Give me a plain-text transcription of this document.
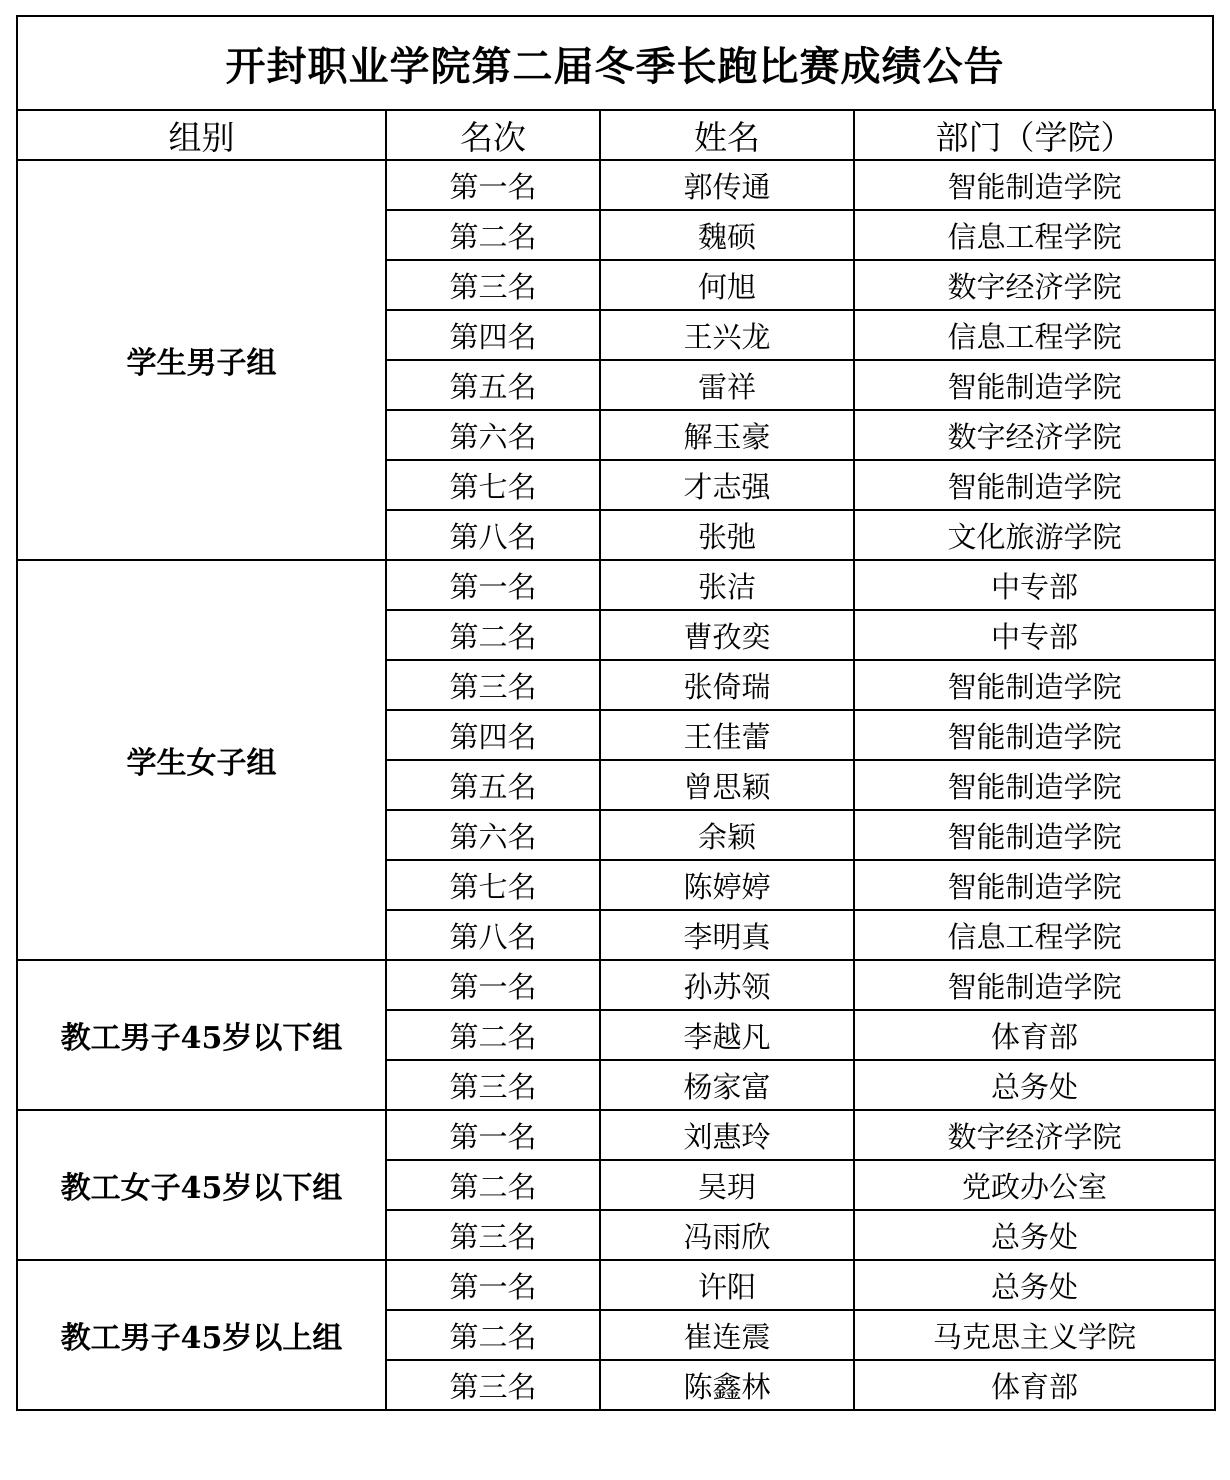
开封职业学院第二届冬季长跑比赛成绩公告
组别	名次	姓名	部门（学院）
学生男子组	第一名	郭传通	智能制造学院
	第二名	魏硕	信息工程学院
	第三名	何旭	数字经济学院
	第四名	王兴龙	信息工程学院
	第五名	雷祥	智能制造学院
	第六名	解玉豪	数字经济学院
	第七名	才志强	智能制造学院
	第八名	张弛	文化旅游学院
学生女子组	第一名	张洁	中专部
	第二名	曹孜奕	中专部
	第三名	张倚瑞	智能制造学院
	第四名	王佳蕾	智能制造学院
	第五名	曾思颖	智能制造学院
	第六名	余颖	智能制造学院
	第七名	陈婷婷	智能制造学院
	第八名	李明真	信息工程学院
教工男子45岁以下组	第一名	孙苏领	智能制造学院
	第二名	李越凡	体育部
	第三名	杨家富	总务处
教工女子45岁以下组	第一名	刘惠玲	数字经济学院
	第二名	吴玥	党政办公室
	第三名	冯雨欣	总务处
教工男子45岁以上组	第一名	许阳	总务处
	第二名	崔连震	马克思主义学院
	第三名	陈鑫林	体育部
